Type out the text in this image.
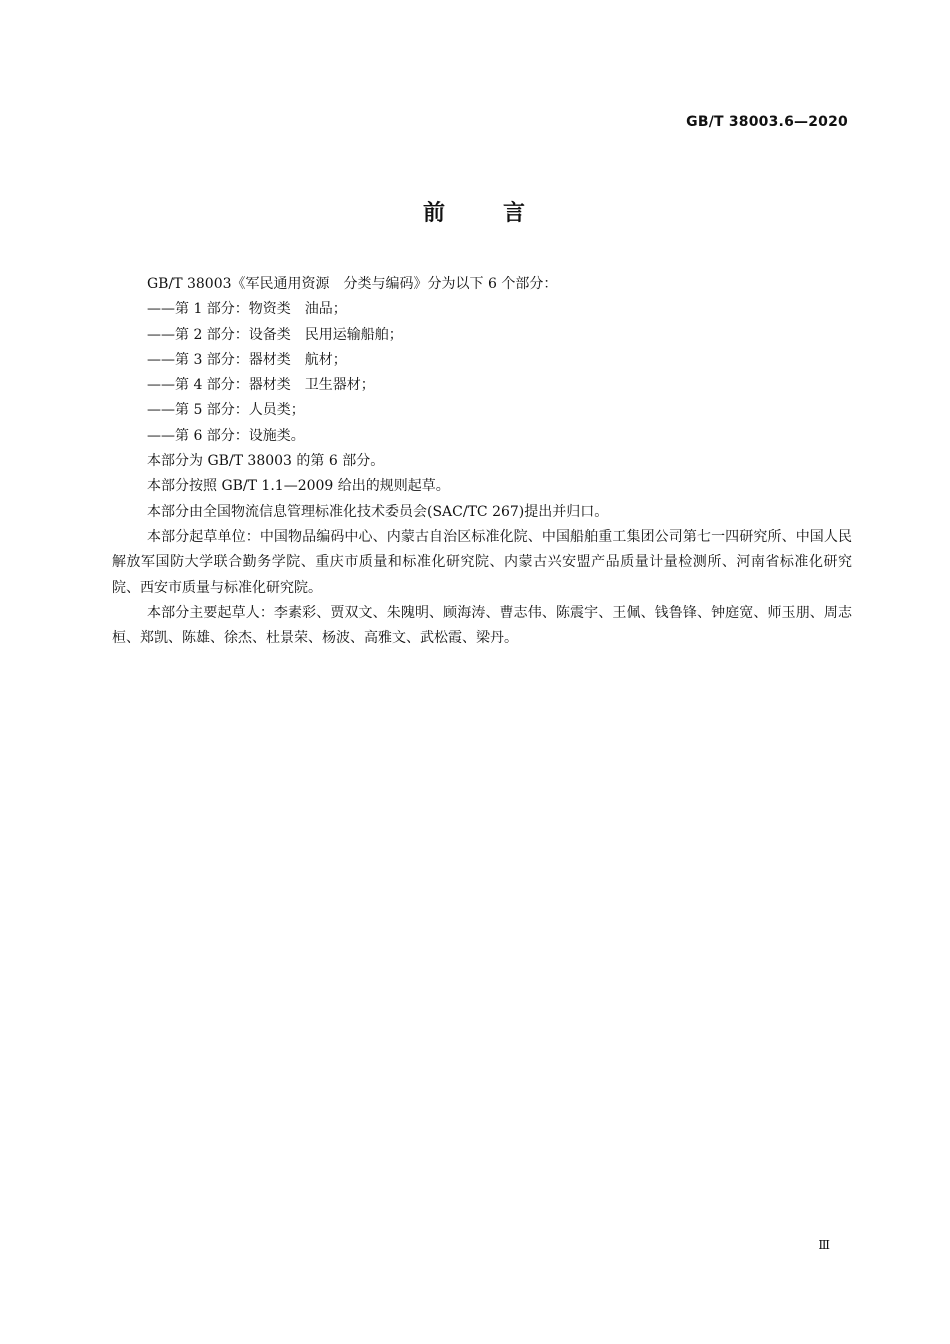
GB/T 38003.6—2020
前	言

GB/T 38003《军民通用资源　分类与编码》分为以下 6 个部分：

——第 1 部分：物资类　油品；

——第 2 部分：设备类　民用运输船舶；

——第 3 部分：器材类　航材；

——第 4 部分：器材类　卫生器材；

——第 5 部分：人员类；

——第 6 部分：设施类。

本部分为 GB/T 38003 的第 6 部分。

本部分按照 GB/T 1.1—2009 给出的规则起草。

本部分由全国物流信息管理标准化技术委员会(SAC/TC 267)提出并归口。

本部分起草单位：中国物品编码中心、内蒙古自治区标准化院、中国船舶重工集团公司第七一四研究所、中国人民解放军国防大学联合勤务学院、重庆市质量和标准化研究院、内蒙古兴安盟产品质量计量检测所、河南省标准化研究院、西安市质量与标准化研究院。

本部分主要起草人：李素彩、贾双文、朱隗明、顾海涛、曹志伟、陈震宇、王佩、钱鲁锋、钟庭宽、师玉朋、周志桓、郑凯、陈雄、徐杰、杜景荣、杨波、高雅文、武松霞、梁丹。

Ⅲ
